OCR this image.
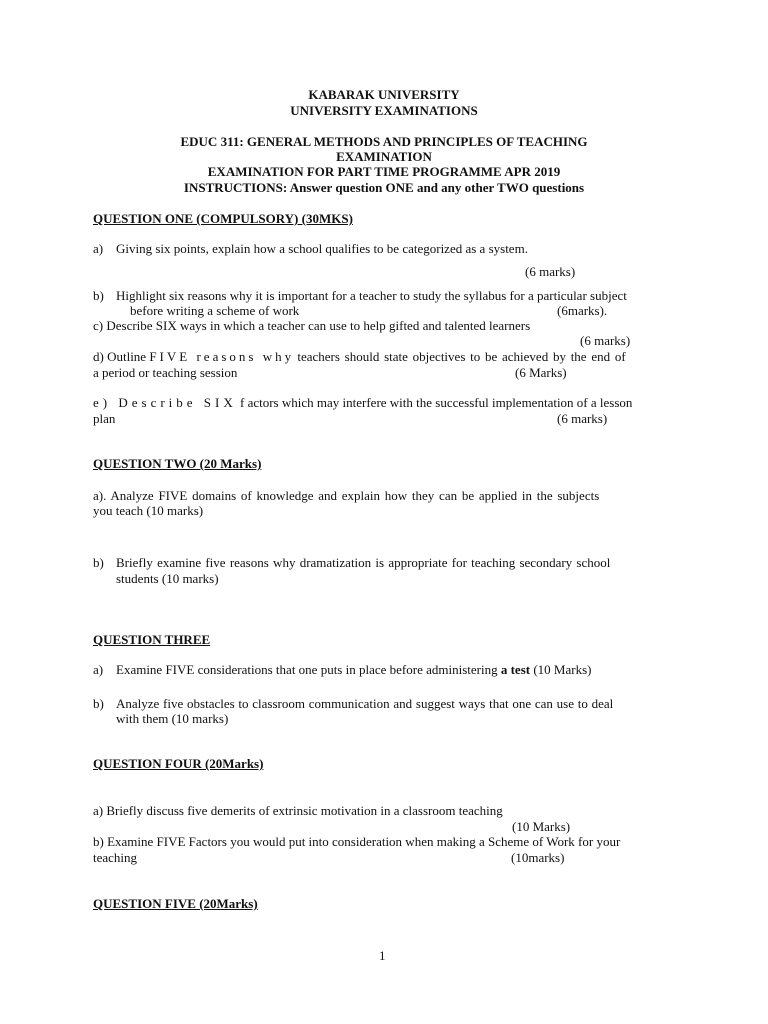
KABARAK UNIVERSITY
UNIVERSITY EXAMINATIONS
EDUC 311: GENERAL METHODS AND PRINCIPLES OF TEACHING
EXAMINATION
EXAMINATION FOR PART TIME PROGRAMME APR 2019
INSTRUCTIONS: Answer question ONE and any other TWO questions
QUESTION ONE (COMPULSORY) (30MKS)
a) Giving six points, explain how a school qualifies to be categorized as a system.
(6 marks)
b) Highlight six reasons why it is important for a teacher to study the syllabus for a particular subject
before writing a scheme of work	(6marks).
c) Describe SIX ways in which a teacher can use to help gifted and talented learners
(6 marks)
d) Outline FIVE reasons why teachers should state objectives to be achieved by the end of
a period or teaching session	(6 Marks)
e) Describe SIX f actors which may interfere with the successful implementation of a lesson
plan	(6 marks)
QUESTION TWO (20 Marks)
a). Analyze FIVE domains of knowledge and explain how they can be applied in the subjects
you teach (10 marks)
b) Briefly examine five reasons why dramatization is appropriate for teaching secondary school
students (10 marks)
QUESTION THREE
a) Examine FIVE considerations that one puts in place before administering a test (10 Marks)
b) Analyze five obstacles to classroom communication and suggest ways that one can use to deal
with them (10 marks)
QUESTION FOUR (20Marks)
a) Briefly discuss five demerits of extrinsic motivation in a classroom teaching
(10 Marks)
b) Examine FIVE Factors you would put into consideration when making a Scheme of Work for your
teaching	(10marks)
QUESTION FIVE (20Marks)
1
